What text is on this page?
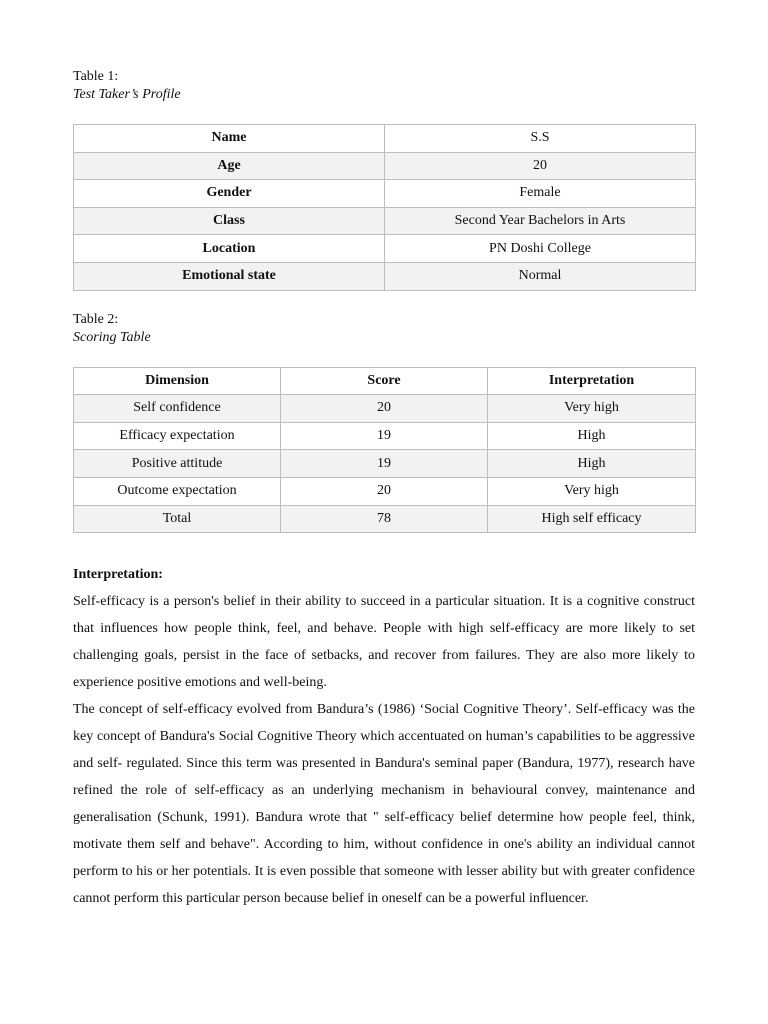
Table 1:

Test Taker’s Profile

Name	S.S
Age	20
Gender	Female
Class	Second Year Bachelors in Arts
Location	PN Doshi College
Emotional state	Normal

Table 2:

Scoring Table

Dimension	Score	Interpretation
Self confidence	20	Very high
Efficacy expectation	19	High
Positive attitude	19	High
Outcome expectation	20	Very high
Total	78	High self efficacy
Interpretation:

Self-efficacy is a person's belief in their ability to succeed in a particular situation. It is a cognitive construct that influences how people think, feel, and behave. People with high self-efficacy are more likely to set challenging goals, persist in the face of setbacks, and recover from failures. They are also more likely to experience positive emotions and well-being.

The concept of self-efficacy evolved from Bandura’s (1986) ‘Social Cognitive Theory’. Self-efficacy was the key concept of Bandura's Social Cognitive Theory which accentuated on human’s capabilities to be aggressive and self- regulated. Since this term was presented in Bandura's seminal paper (Bandura, 1977), research have refined the role of self-efficacy as an underlying mechanism in behavioural convey, maintenance and generalisation (Schunk, 1991). Bandura wrote that " self-efficacy belief determine how people feel, think, motivate them self and behave". According to him, without confidence in one's ability an individual cannot perform to his or her potentials. It is even possible that someone with lesser ability but with greater confidence cannot perform this particular person because belief in oneself can be a powerful influencer.
